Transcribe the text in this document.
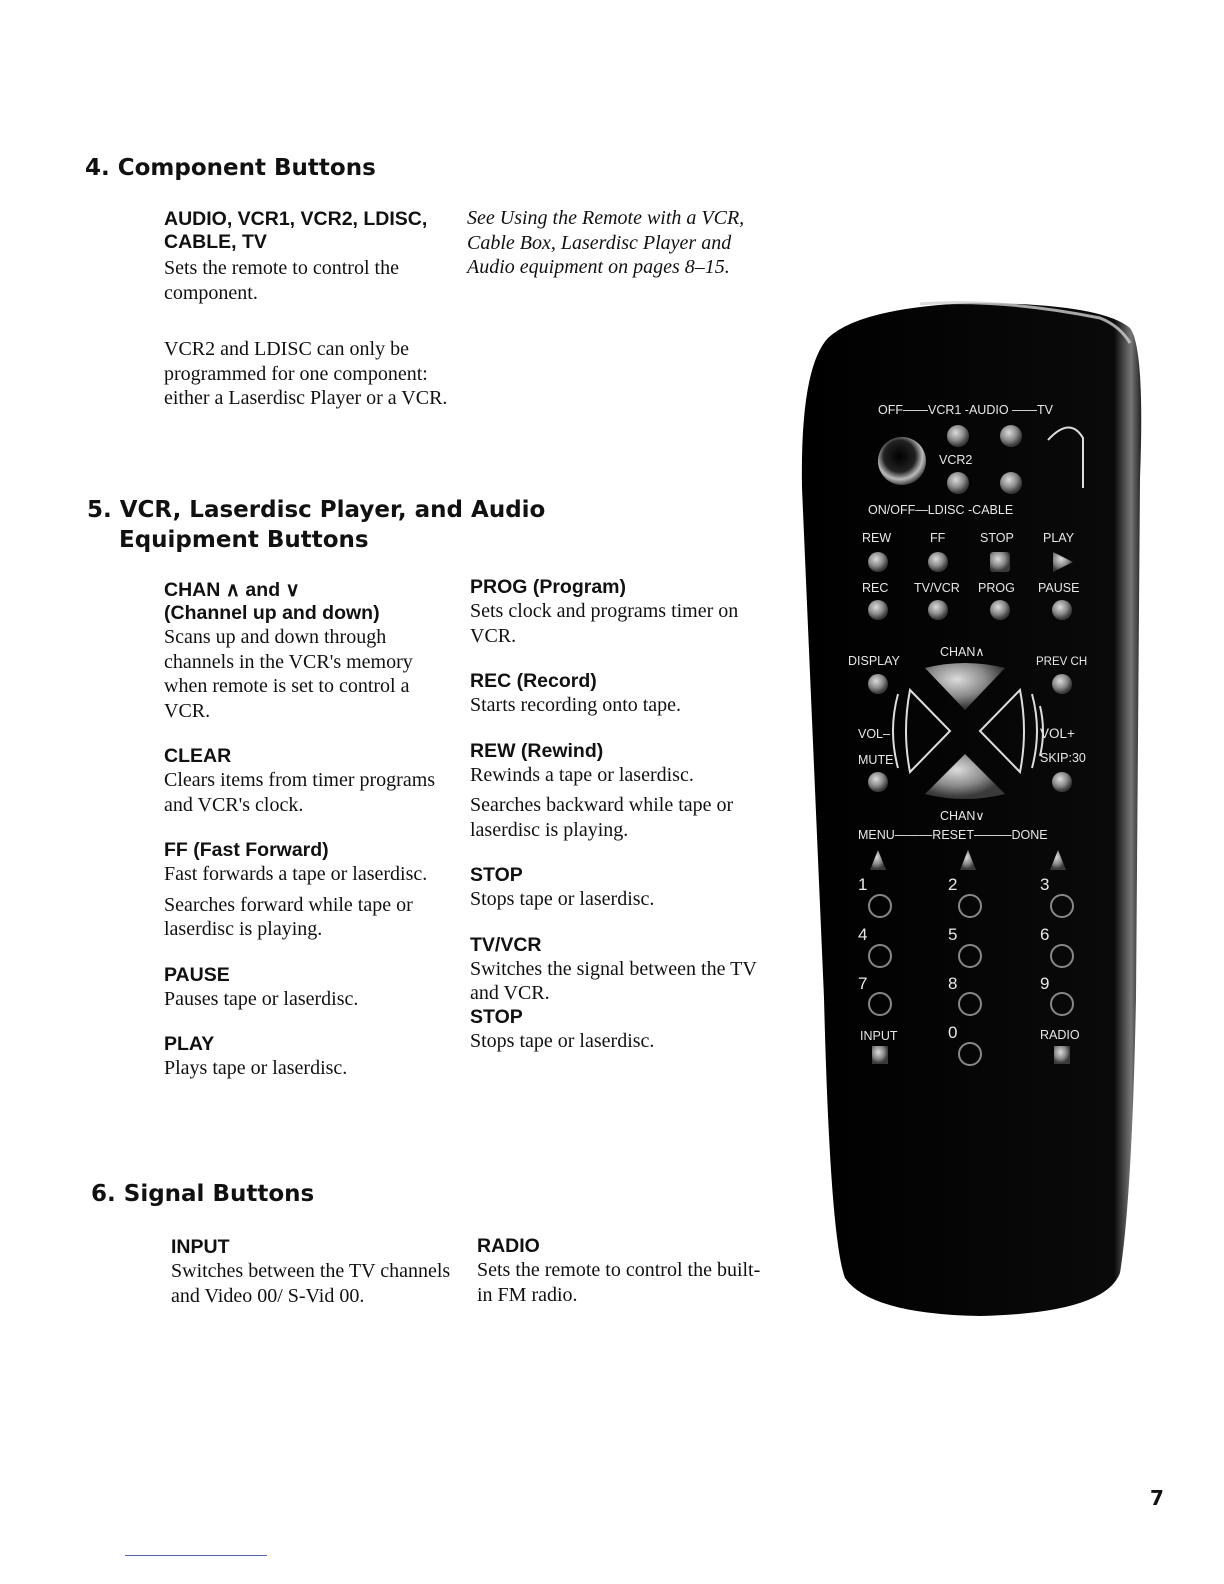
4. Component Buttons

AUDIO, VCR1, VCR2, LDISC, CABLE, TV

Sets the remote to control the component.

VCR2 and LDISC can only be programmed for one component: either a Laserdisc Player or a VCR.

See Using the Remote with a VCR, Cable Box, Laserdisc Player and Audio equipment on pages 8–15.

5. VCR, Laserdisc Player, and Audio
Equipment Buttons

CHAN ∧ and ∨

(Channel up and down)

Scans up and down through channels in the VCR's memory when remote is set to control a VCR.

CLEAR

Clears items from timer programs and VCR's clock.

FF (Fast Forward)

Fast forwards a tape or laserdisc.

Searches forward while tape or laserdisc is playing.

PAUSE

Pauses tape or laserdisc.

PLAY

Plays tape or laserdisc.

PROG (Program)

Sets clock and programs timer on VCR.

REC (Record)

Starts recording onto tape.

REW (Rewind)

Rewinds a tape or laserdisc.

Searches backward while tape or laserdisc is playing.

STOP

Stops tape or laserdisc.

TV/VCR

Switches the signal between the TV and VCR.

STOP

Stops tape or laserdisc.

6. Signal Buttons

INPUT

Switches between the TV channels and Video 00/ S-Vid 00.

RADIO

Sets the remote to control the built-in FM radio.

OFF——VCR1 -AUDIO ——TV
VCR2
ON/OFF—LDISC -CABLE
REW	FF	STOP PLAY
REC TV/VCR PROG PAUSE
DISPLAY
CHAN∧
PREV CH
VOL–	VOL+
MUTE	SKIP:30
CHAN∨
MENU———RESET———DONE
1	2	3
4	5	6
7	8	9
INPUT	0	RADIO
7
